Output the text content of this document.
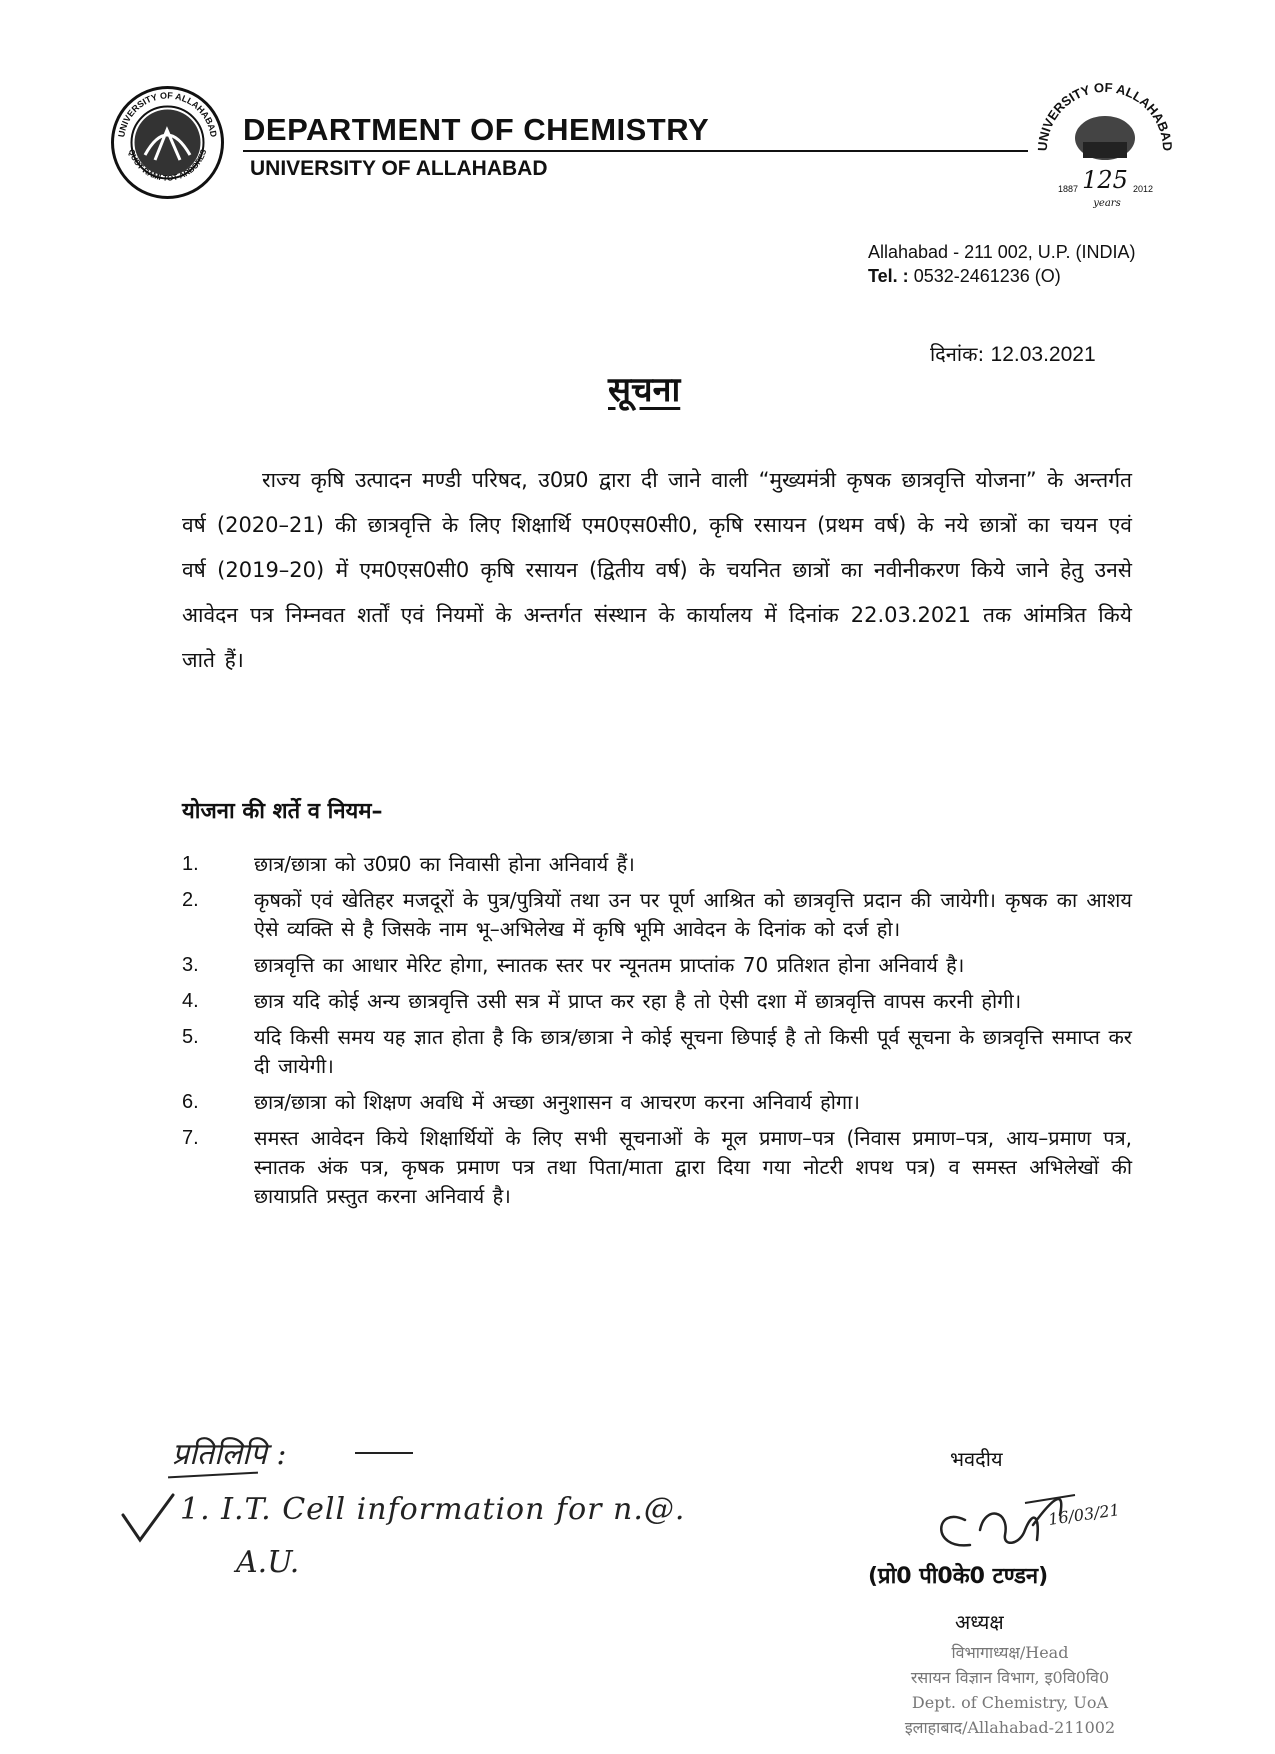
UNIVERSITY OF ALLAHABAD
QUOT RAMI TOT ARBORES
DEPARTMENT OF CHEMISTRY
UNIVERSITY OF ALLAHABAD
UNIVERSITY OF ALLAHABAD
125
1887	2012
years
Allahabad - 211 002, U.P. (INDIA)
Tel. : 0532-2461236 (O)
दिनांक: 12.03.2021
सूचना

राज्य कृषि उत्पादन मण्डी परिषद, उ0प्र0 द्वारा दी जाने वाली “मुख्यमंत्री कृषक छात्रवृत्ति योजना” के अन्तर्गत वर्ष (2020–21) की छात्रवृत्ति के लिए शिक्षार्थि एम0एस0सी0, कृषि रसायन (प्रथम वर्ष) के नये छात्रों का चयन एवं वर्ष (2019–20) में एम0एस0सी0 कृषि रसायन (द्वितीय वर्ष) के चयनित छात्रों का नवीनीकरण किये जाने हेतु उनसे आवेदन पत्र निम्नवत शर्तों एवं नियमों के अन्तर्गत संस्थान के कार्यालय में दिनांक 22.03.2021 तक आंमत्रित किये जाते हैं।

योजना की शर्ते व नियम–
1.	छात्र/छात्रा को उ0प्र0 का निवासी होना अनिवार्य हैं।
2.	कृषकों एवं खेतिहर मजदूरों के पुत्र/पुत्रियों तथा उन पर पूर्ण आश्रित को छात्रवृत्ति प्रदान की जायेगी। कृषक का आशय ऐसे व्यक्ति से है जिसके नाम भू–अभिलेख में कृषि भूमि आवेदन के दिनांक को दर्ज हो।
3.	छात्रवृत्ति का आधार मेरिट होगा, स्नातक स्तर पर न्यूनतम प्राप्तांक 70 प्रतिशत होना अनिवार्य है।
4.	छात्र यदि कोई अन्य छात्रवृत्ति उसी सत्र में प्राप्त कर रहा है तो ऐसी दशा में छात्रवृत्ति वापस करनी होगी।
5.	यदि किसी समय यह ज्ञात होता है कि छात्र/छात्रा ने कोई सूचना छिपाई है तो किसी पूर्व सूचना के छात्रवृत्ति समाप्त कर दी जायेगी।
6.	छात्र/छात्रा को शिक्षण अवधि में अच्छा अनुशासन व आचरण करना अनिवार्य होगा।
7.	समस्त आवेदन किये शिक्षार्थियों के लिए सभी सूचनाओं के मूल प्रमाण–पत्र (निवास प्रमाण–पत्र, आय–प्रमाण पत्र, स्नातक अंक पत्र, कृषक प्रमाण पत्र तथा पिता/माता द्वारा दिया गया नोटरी शपथ पत्र) व समस्त अभिलेखों की छायाप्रति प्रस्तुत करना अनिवार्य है।
प्रतिलिपि :
1. I.T. Cell information for n.@.
A.U.
भवदीय
16/03/21
(प्रो0 पी0के0 टण्डन)
अध्यक्ष
विभागाध्यक्ष/Head
रसायन विज्ञान विभाग, इ0वि0वि0
Dept. of Chemistry, UoA
इलाहाबाद/Allahabad-211002
